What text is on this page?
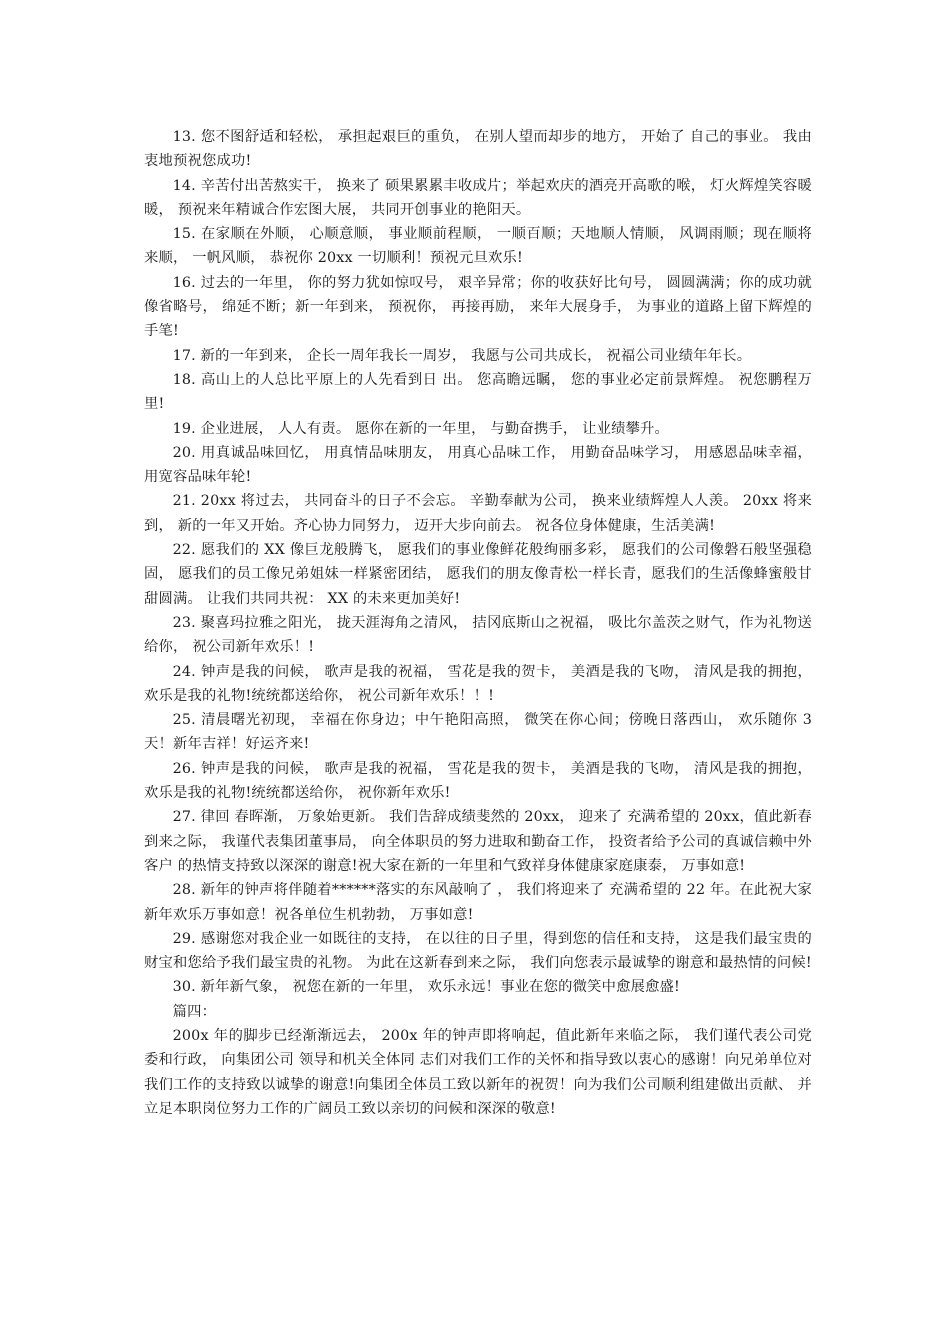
13. 您不图舒适和轻松， 承担起艰巨的重负， 在别人望而却步的地方， 开始了 自己的事业。 我由衷地预祝您成功!

14. 辛苦付出苦熬实干， 换来了 硕果累累丰收成片；举起欢庆的酒亮开高歌的喉， 灯火辉煌笑容暖暖， 预祝来年精诚合作宏图大展， 共同开创事业的艳阳天。

15. 在家顺在外顺， 心顺意顺， 事业顺前程顺， 一顺百顺；天地顺人情顺， 风调雨顺；现在顺将来顺， 一帆风顺， 恭祝你 20xx 一切顺利！预祝元旦欢乐!

16. 过去的一年里， 你的努力犹如惊叹号， 艰辛异常；你的收获好比句号， 圆圆满满；你的成功就像省略号， 绵延不断；新一年到来， 预祝你， 再接再励， 来年大展身手， 为事业的道路上留下辉煌的手笔!

17. 新的一年到来， 企长一周年我长一周岁， 我愿与公司共成长， 祝福公司业绩年年长。

18. 高山上的人总比平原上的人先看到日 出。 您高瞻远瞩， 您的事业必定前景辉煌。 祝您鹏程万里!

19. 企业进展， 人人有责。 愿你在新的一年里， 与勤奋携手， 让业绩攀升。

20. 用真诚品味回忆， 用真情品味朋友， 用真心品味工作， 用勤奋品味学习， 用感恩品味幸福， 用宽容品味年轮!

21. 20xx 将过去， 共同奋斗的日子不会忘。 辛勤奉献为公司， 换来业绩辉煌人人羡。 20xx 将来到， 新的一年又开始。齐心协力同努力， 迈开大步向前去。 祝各位身体健康，生活美满!

22. 愿我们的 XX 像巨龙般腾飞， 愿我们的事业像鲜花般绚丽多彩， 愿我们的公司像磐石般坚强稳固， 愿我们的员工像兄弟姐妹一样紧密团结， 愿我们的朋友像青松一样长青，愿我们的生活像蜂蜜般甘甜圆满。 让我们共同共祝： XX 的未来更加美好!

23. 聚喜玛拉雅之阳光， 拢天涯海角之清风， 拮冈底斯山之祝福， 吸比尔盖茨之财气，作为礼物送给你， 祝公司新年欢乐！!

24. 钟声是我的问候， 歌声是我的祝福， 雪花是我的贺卡， 美酒是我的飞吻， 清风是我的拥抱， 欢乐是我的礼物!统统都送给你， 祝公司新年欢乐！！!

25. 清晨曙光初现， 幸福在你身边；中午艳阳高照， 微笑在你心间；傍晚日落西山， 欢乐随你 3 天！新年吉祥！好运齐来!

26. 钟声是我的问候， 歌声是我的祝福， 雪花是我的贺卡， 美酒是我的飞吻， 清风是我的拥抱， 欢乐是我的礼物!统统都送给你， 祝你新年欢乐!

27. 律回 春晖渐， 万象始更新。 我们告辞成绩斐然的 20xx， 迎来了 充满希望的 20xx，值此新春到来之际， 我谨代表集团董事局， 向全体职员的努力进取和勤奋工作， 投资者给予公司的真诚信赖中外客户 的热情支持致以深深的谢意!祝大家在新的一年里和气致祥身体健康家庭康泰， 万事如意!

28. 新年的钟声将伴随着******落实的东风敲响了 ， 我们将迎来了 充满希望的 22 年。在此祝大家新年欢乐万事如意！祝各单位生机勃勃， 万事如意!

29. 感谢您对我企业一如既往的支持， 在以往的日子里，得到您的信任和支持， 这是我们最宝贵的财宝和您给予我们最宝贵的礼物。 为此在这新春到来之际， 我们向您表示最诚挚的谢意和最热情的问候!

30. 新年新气象， 祝您在新的一年里， 欢乐永远！事业在您的微笑中愈展愈盛!

篇四：

200x 年的脚步已经渐渐远去， 200x 年的钟声即将响起，值此新年来临之际， 我们谨代表公司党委和行政， 向集团公司 领导和机关全体同 志们对我们工作的关怀和指导致以衷心的感谢！向兄弟单位对我们工作的支持致以诚挚的谢意!向集团全体员工致以新年的祝贺！向为我们公司顺利组建做出贡献、 并立足本职岗位努力工作的广阔员工致以亲切的问候和深深的敬意!
